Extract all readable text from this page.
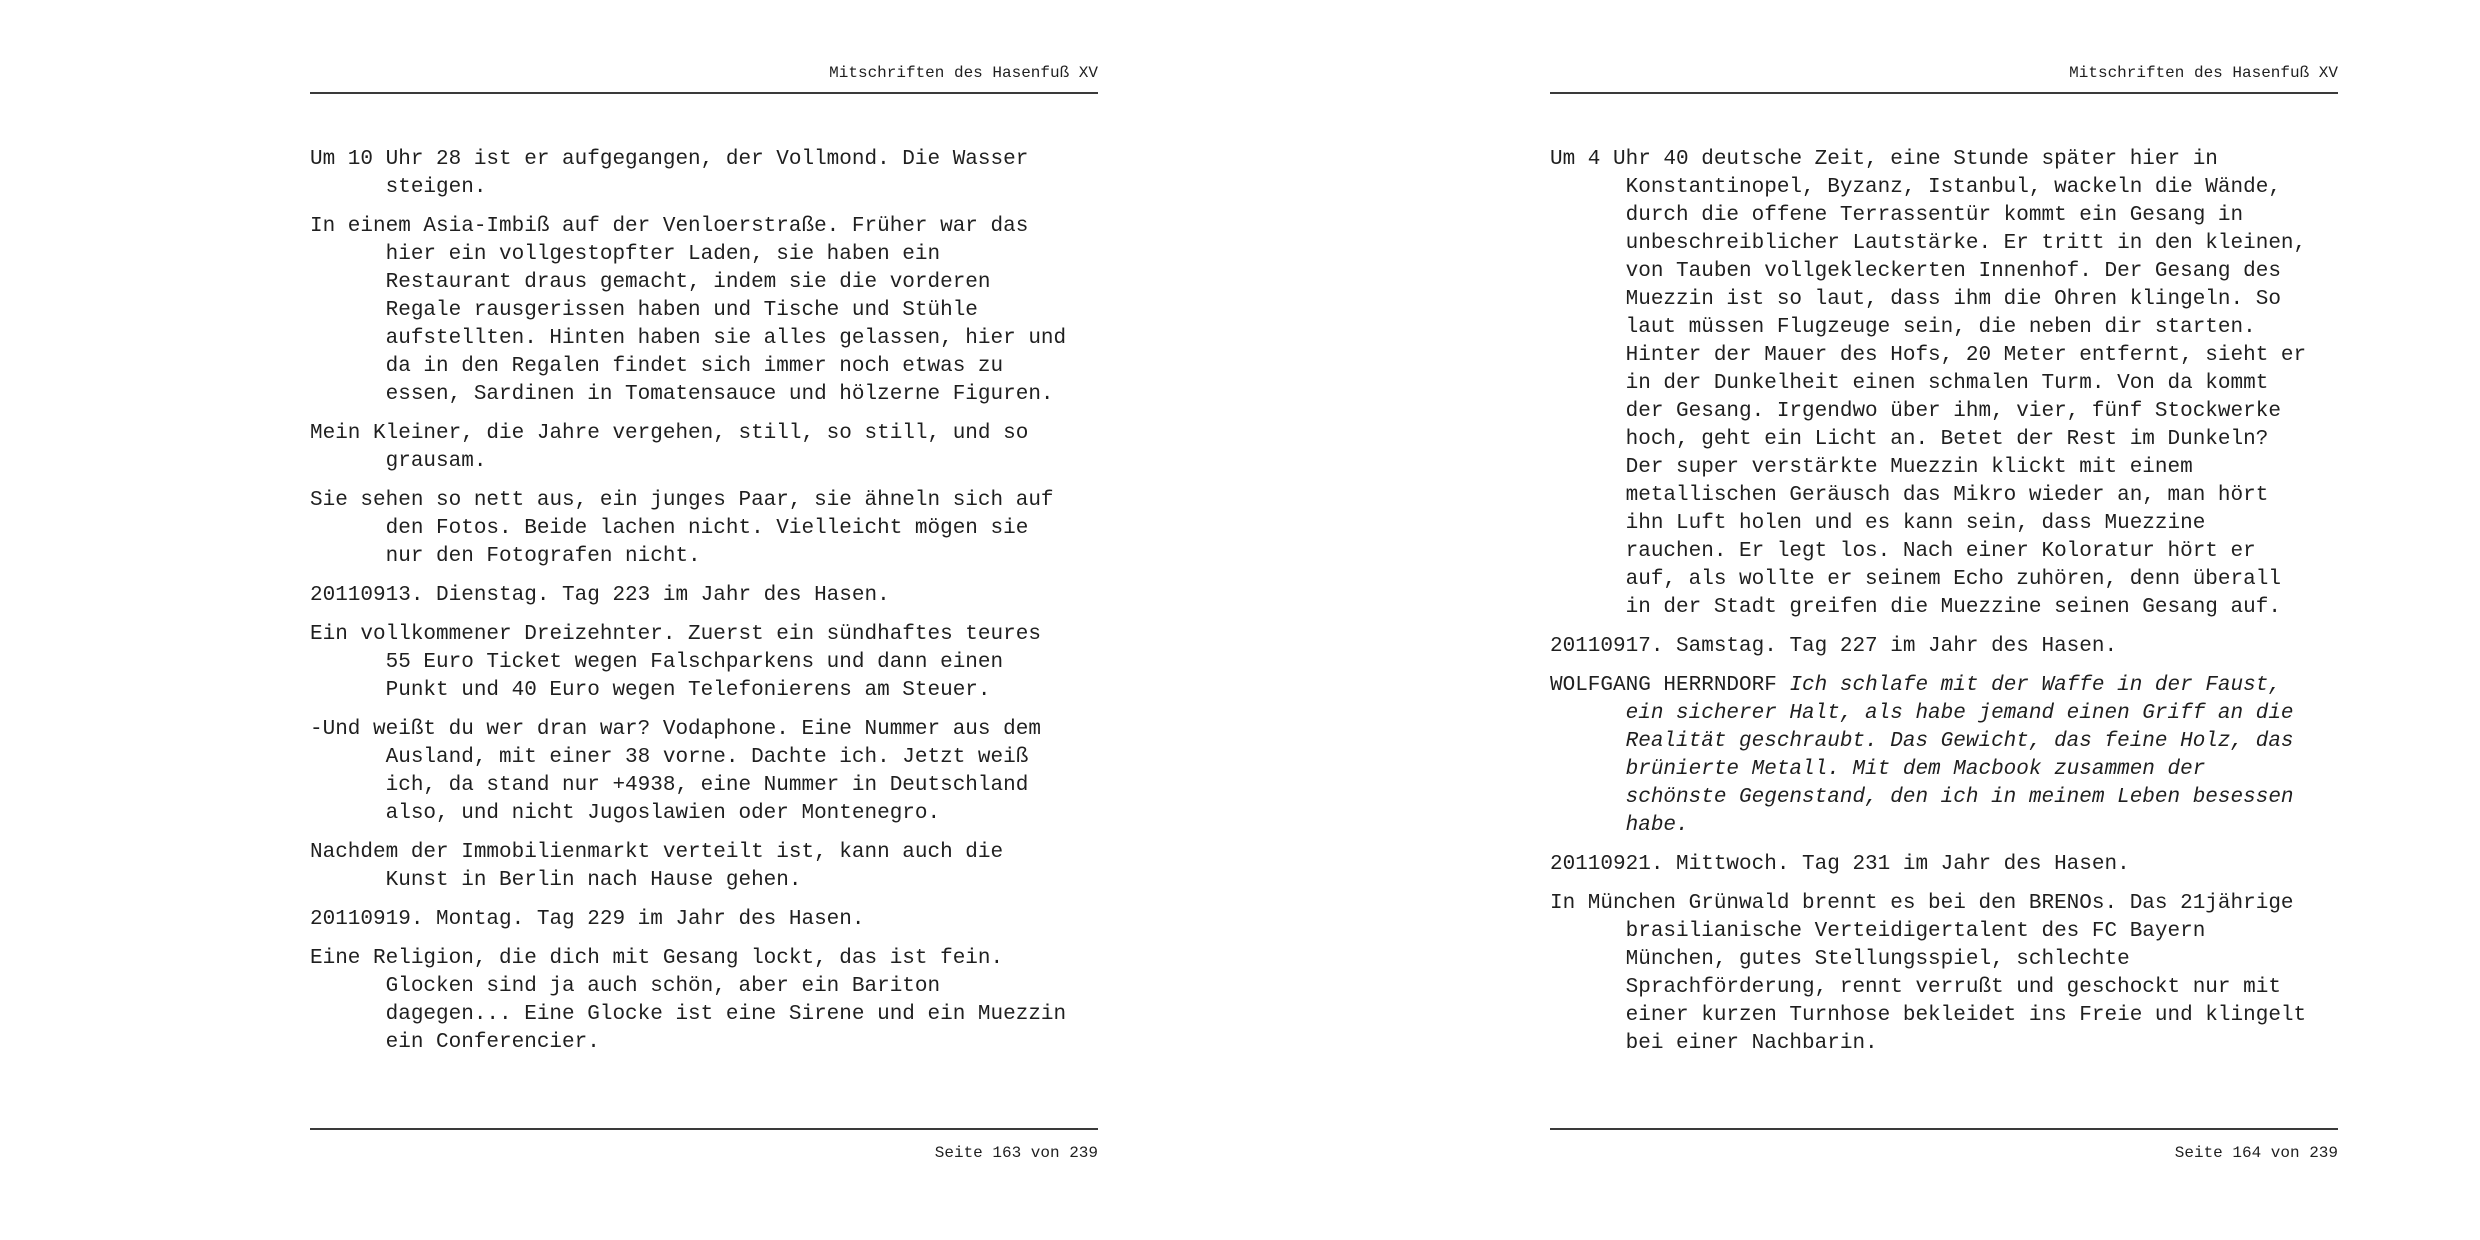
Mitschriften des Hasenfuß XV

Um 10 Uhr 28 ist er aufgegangen, der Vollmond. Die Wasser steigen.

In einem Asia-Imbiß auf der Venloerstraße. Früher war das hier ein vollgestopfter Laden, sie haben ein Restaurant draus gemacht, indem sie die vorderen Regale rausgerissen haben und Tische und Stühle aufstellten. Hinten haben sie alles gelassen, hier und da in den Regalen findet sich immer noch etwas zu essen, Sardinen in Tomatensauce und hölzerne Figuren.

Mein Kleiner, die Jahre vergehen, still, so still, und so grausam.

Sie sehen so nett aus, ein junges Paar, sie ähneln sich auf den Fotos. Beide lachen nicht. Vielleicht mögen sie nur den Fotografen nicht.

20110913. Dienstag. Tag 223 im Jahr des Hasen.

Ein vollkommener Dreizehnter. Zuerst ein sündhaftes teures 55 Euro Ticket wegen Falschparkens und dann einen Punkt und 40 Euro wegen Telefonierens am Steuer.

-Und weißt du wer dran war? Vodaphone. Eine Nummer aus dem Ausland, mit einer 38 vorne. Dachte ich. Jetzt weiß ich, da stand nur +4938, eine Nummer in Deutschland also, und nicht Jugoslawien oder Montenegro.

Nachdem der Immobilienmarkt verteilt ist, kann auch die Kunst in Berlin nach Hause gehen.

20110919. Montag. Tag 229 im Jahr des Hasen.

Eine Religion, die dich mit Gesang lockt, das ist fein. Glocken sind ja auch schön, aber ein Bariton dagegen... Eine Glocke ist eine Sirene und ein Muezzin ein Conferencier.

Seite 163 von 239
Mitschriften des Hasenfuß XV

Um 4 Uhr 40 deutsche Zeit, eine Stunde später hier in Konstantinopel, Byzanz, Istanbul, wackeln die Wände, durch die offene Terrassentür kommt ein Gesang in unbeschreiblicher Lautstärke. Er tritt in den kleinen, von Tauben vollgekleckerten Innenhof. Der Gesang des Muezzin ist so laut, dass ihm die Ohren klingeln. So laut müssen Flugzeuge sein, die neben dir starten. Hinter der Mauer des Hofs, 20 Meter entfernt, sieht er in der Dunkelheit einen schmalen Turm. Von da kommt der Gesang. Irgendwo über ihm, vier, fünf Stockwerke hoch, geht ein Licht an. Betet der Rest im Dunkeln? Der super verstärkte Muezzin klickt mit einem metallischen Geräusch das Mikro wieder an, man hört ihn Luft holen und es kann sein, dass Muezzine rauchen. Er legt los. Nach einer Koloratur hört er auf, als wollte er seinem Echo zuhören, denn überall in der Stadt greifen die Muezzine seinen Gesang auf.

20110917. Samstag. Tag 227 im Jahr des Hasen.

WOLFGANG HERRNDORF Ich schlafe mit der Waffe in der Faust, ein sicherer Halt, als habe jemand einen Griff an die Realität geschraubt. Das Gewicht, das feine Holz, das brünierte Metall. Mit dem Macbook zusammen der schönste Gegenstand, den ich in meinem Leben besessen habe.

20110921. Mittwoch. Tag 231 im Jahr des Hasen.

In München Grünwald brennt es bei den BRENOs. Das 21jährige brasilianische Verteidigertalent des FC Bayern München, gutes Stellungsspiel, schlechte Sprachförderung, rennt verrußt und geschockt nur mit einer kurzen Turnhose bekleidet ins Freie und klingelt bei einer Nachbarin.

Seite 164 von 239
